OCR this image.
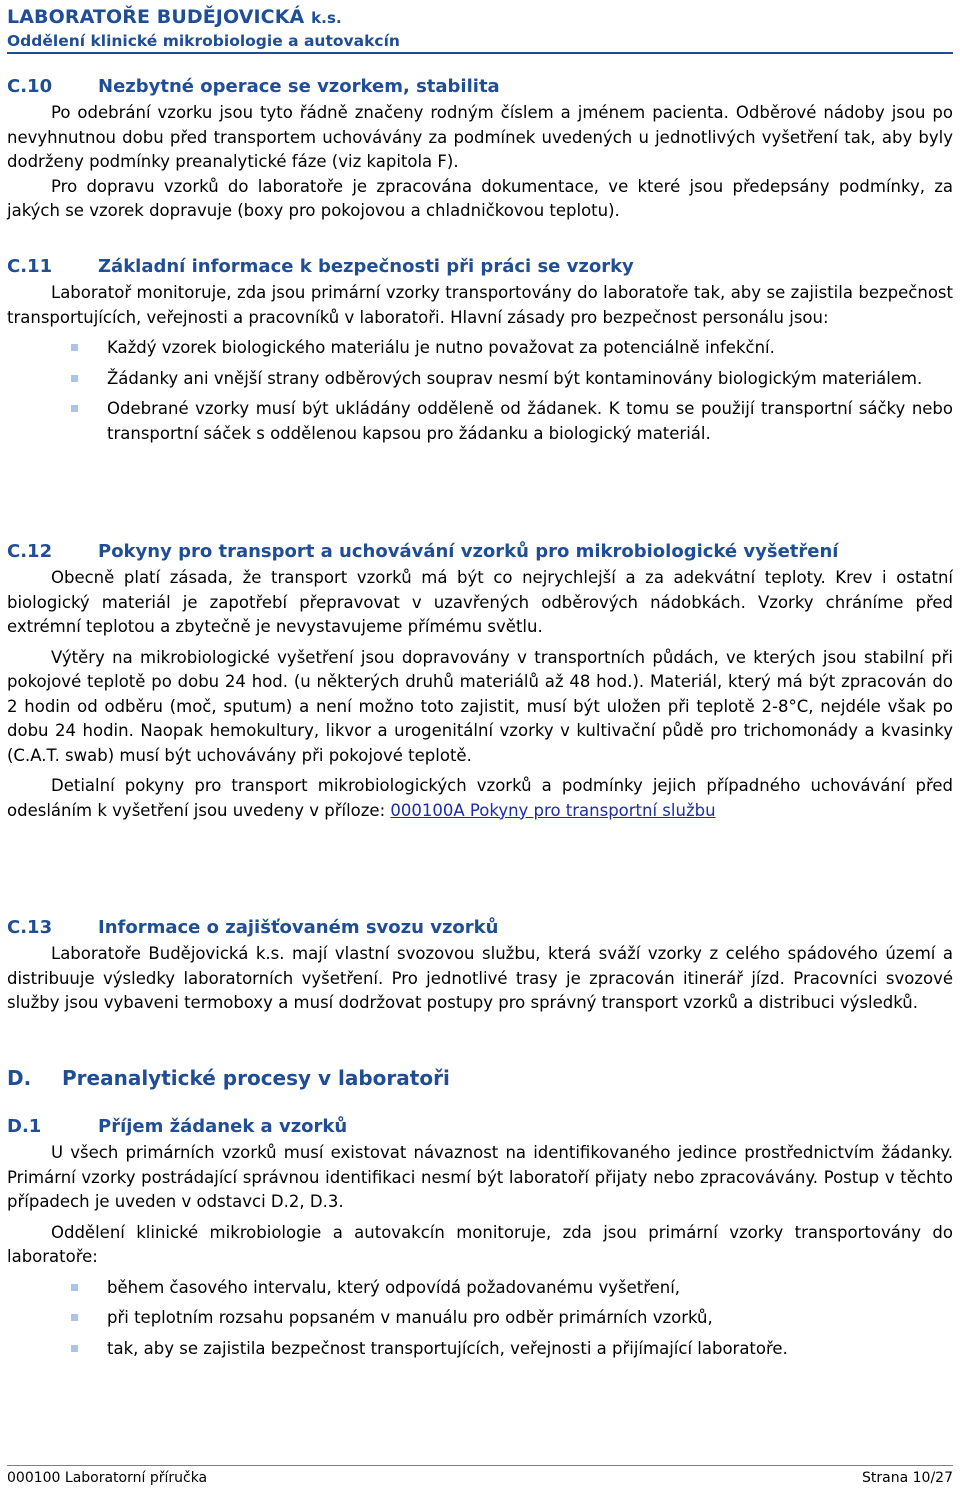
LABORATOŘE BUDĚJOVICKÁ k.s.
Oddělení klinické mikrobiologie a autovakcín
C.10	Nezbytné operace se vzorkem, stabilita

Po odebrání vzorku jsou tyto řádně značeny rodným číslem a jménem pacienta. Odběrové nádoby jsou po nevyhnutnou dobu před transportem uchovávány za podmínek uvedených u jednotlivých vyšetření tak, aby byly dodrženy podmínky preanalytické fáze (viz kapitola F).

Pro dopravu vzorků do laboratoře je zpracována dokumentace, ve které jsou předepsány podmínky, za jakých se vzorek dopravuje (boxy pro pokojovou a chladničkovou teplotu).

C.11	Základní informace k bezpečnosti při práci se vzorky

Laboratoř monitoruje, zda jsou primární vzorky transportovány do laboratoře tak, aby se zajistila bezpečnost transportujících, veřejnosti a pracovníků v laboratoři. Hlavní zásady pro bezpečnost personálu jsou:

Každý vzorek biologického materiálu je nutno považovat za potenciálně infekční.
Žádanky ani vnější strany odběrových souprav nesmí být kontaminovány biologickým materiálem.
Odebrané vzorky musí být ukládány odděleně od žádanek. K tomu se použijí transportní sáčky nebo transportní sáček s oddělenou kapsou pro žádanku a biologický materiál.
C.12	Pokyny pro transport a uchovávání vzorků pro mikrobiologické vyšetření

Obecně platí zásada, že transport vzorků má být co nejrychlejší a za adekvátní teploty. Krev i ostatní biologický materiál je zapotřebí přepravovat v uzavřených odběrových nádobkách. Vzorky chráníme před extrémní teplotou a zbytečně je nevystavujeme přímému světlu.

Výtěry na mikrobiologické vyšetření jsou dopravovány v transportních půdách, ve kterých jsou stabilní při pokojové teplotě po dobu 24 hod. (u některých druhů materiálů až 48 hod.). Materiál, který má být zpracován do 2 hodin od odběru (moč, sputum) a není možno toto zajistit, musí být uložen při teplotě 2-8°C, nejdéle však po dobu 24 hodin. Naopak hemokultury, likvor a urogenitální vzorky v kultivační půdě pro trichomonády a kvasinky (C.A.T. swab) musí být uchovávány při pokojové teplotě.

Detialní pokyny pro transport mikrobiologických vzorků a podmínky jejich případného uchovávání před odesláním k vyšetření jsou uvedeny v příloze: 000100A Pokyny pro transportní službu

C.13	Informace o zajišťovaném svozu vzorků

Laboratoře Budějovická k.s. mají vlastní svozovou službu, která sváží vzorky z celého spádového území a distribuuje výsledky laboratorních vyšetření. Pro jednotlivé trasy je zpracován itinerář jízd. Pracovníci svozové služby jsou vybaveni termoboxy a musí dodržovat postupy pro správný transport vzorků a distribuci výsledků.

D.	Preanalytické procesy v laboratoři
D.1	Příjem žádanek a vzorků

U všech primárních vzorků musí existovat návaznost na identifikovaného jedince prostřednictvím žádanky. Primární vzorky postrádající správnou identifikaci nesmí být laboratoří přijaty nebo zpracovávány. Postup v těchto případech je uveden v odstavci D.2, D.3.

Oddělení klinické mikrobiologie a autovakcín monitoruje, zda jsou primární vzorky transportovány do laboratoře:

během časového intervalu, který odpovídá požadovanému vyšetření,
při teplotním rozsahu popsaném v manuálu pro odběr primárních vzorků,
tak, aby se zajistila bezpečnost transportujících, veřejnosti a přijímající laboratoře.
000100 Laboratorní příručka	Strana 10/27
